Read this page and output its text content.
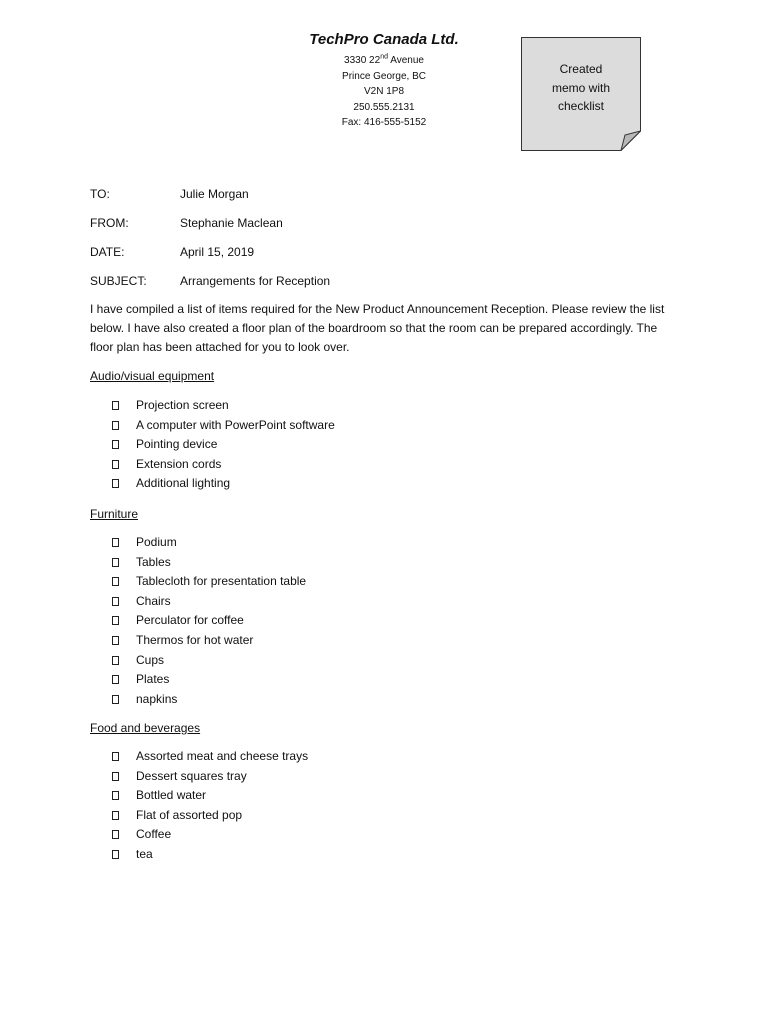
TechPro Canada Ltd.
3330 22nd Avenue
Prince George, BC
V2N 1P8
250.555.2131
Fax: 416-555-5152
Created
memo with
checklist
TO:	Julie Morgan
FROM:	Stephanie Maclean
DATE:	April 15, 2019
SUBJECT:	Arrangements for Reception
I have compiled a list of items required for the New Product Announcement Reception. Please review the list below. I have also created a floor plan of the boardroom so that the room can be prepared accordingly. The floor plan has been attached for you to look over.
Audio/visual equipment
Projection screen
A computer with PowerPoint software
Pointing device
Extension cords
Additional lighting
Furniture
Podium
Tables
Tablecloth for presentation table
Chairs
Perculator for coffee
Thermos for hot water
Cups
Plates
napkins
Food and beverages
Assorted meat and cheese trays
Dessert squares tray
Bottled water
Flat of assorted pop
Coffee
tea
